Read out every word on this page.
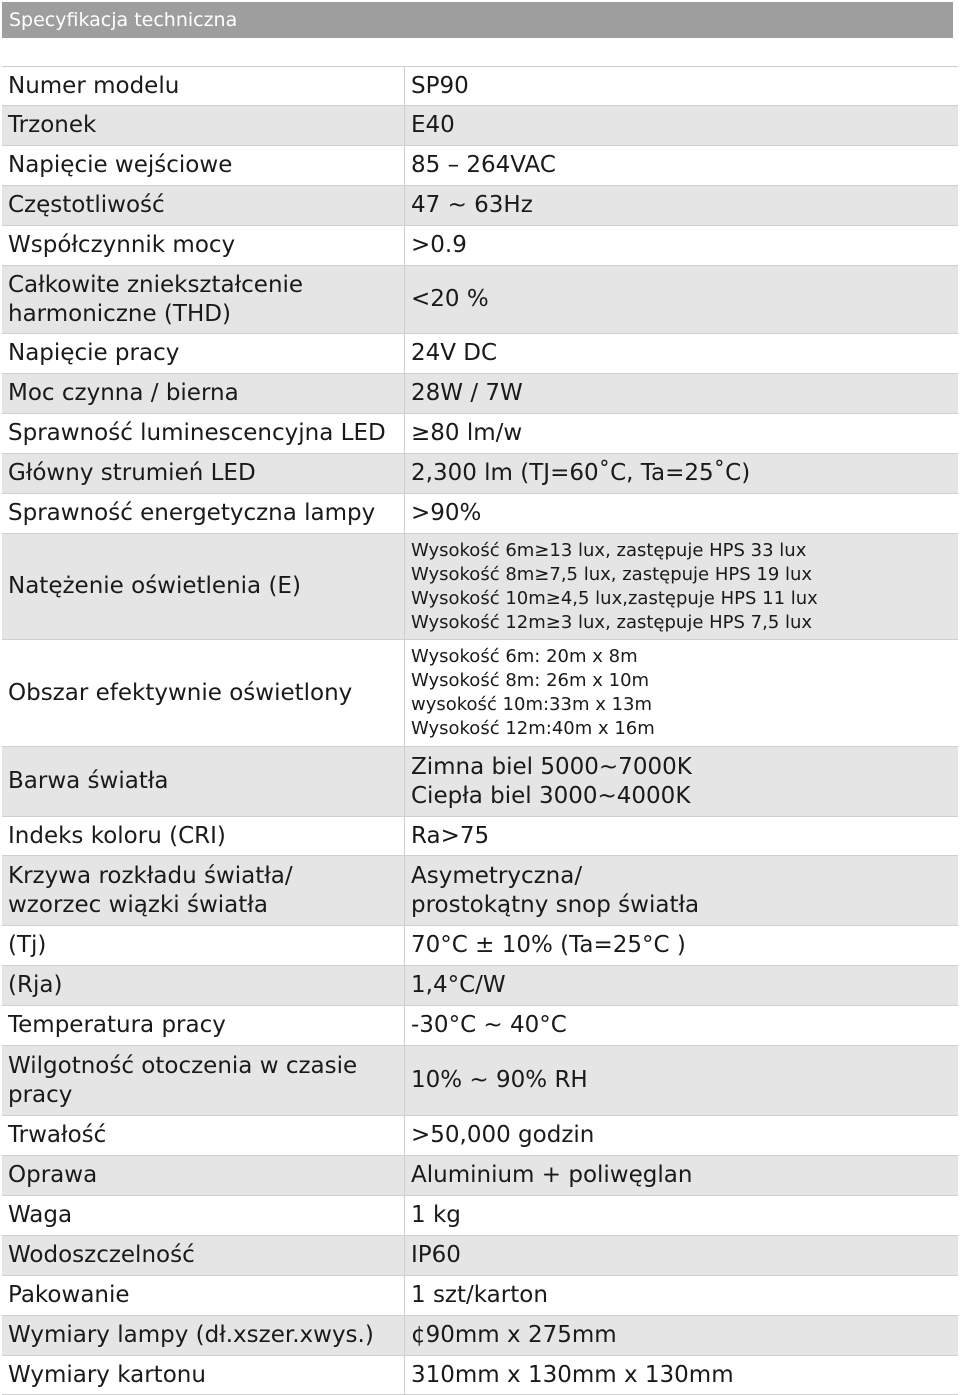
Specyfikacja techniczna
Numer modelu	SP90
Trzonek	E40
Napięcie wejściowe	85 – 264VAC
Częstotliwość	47 ~ 63Hz
Współczynnik mocy	>0.9

Całkowite zniekształcenie
harmoniczne (THD)	<20 %
Napięcie pracy	24V DC
Moc czynna / bierna	28W / 7W
Sprawność luminescencyjna LED	≥80 lm/w
Główny strumień LED	2,300 lm (TJ=60˚C, Ta=25˚C)
Sprawność energetyczna lampy	>90%
Natężenie oświetlenia (E)	Wysokość 6m≥13 lux, zastępuje HPS 33 lux
Wysokość 8m≥7,5 lux, zastępuje HPS 19 lux
Wysokość 10m≥4,5 lux,zastępuje HPS 11 lux
Wysokość 12m≥3 lux, zastępuje HPS 7,5 lux

Obszar efektywnie oświetlony	Wysokość 6m: 20m x 8m
Wysokość 8m: 26m x 10m
wysokość 10m:33m x 13m
Wysokość 12m:40m x 16m

Barwa światła	Zimna biel 5000~7000K
Ciepła biel 3000~4000K

Indeks koloru (CRI)	Ra>75

Krzywa rozkładu światła/
wzorzec wiązki światła	Asymetryczna/
prostokątny snop światła

(Tj)	70°C ± 10% (Ta=25°C )
(Rja)	1,4°C/W
Temperatura pracy	-30°C ~ 40°C

Wilgotność otoczenia w czasie
pracy	10% ~ 90% RH
Trwałość	>50,000 godzin
Oprawa	Aluminium + poliwęglan
Waga	1 kg
Wodoszczelność	IP60
Pakowanie	1 szt/karton
Wymiary lampy (dł.xszer.xwys.)	¢90mm x 275mm
Wymiary kartonu	310mm x 130mm x 130mm
